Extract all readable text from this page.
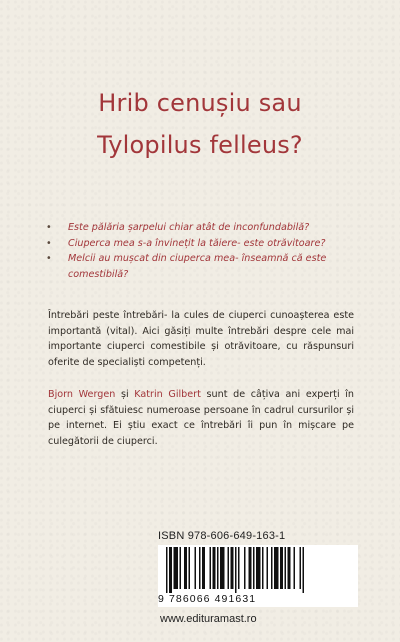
Hrib cenușiu sau
Tylopilus felleus?
• Este pălăria șarpelui chiar atât de inconfundabilă?
• Ciuperca mea s-a învinețit la tăiere- este otrăvitoare?
• Melcii au mușcat din ciuperca mea- înseamnă că este comestibilă?

Întrebări peste întrebări- la cules de ciuperci cunoașterea este importantă (vital). Aici găsiți multe întrebări despre cele mai importante ciuperci comestibile și otrăvitoare, cu răspunsuri oferite de specialiști competenți.

Bjorn Wergen și Katrin Gilbert sunt de câțiva ani experți în ciuperci și sfătuiesc numeroase persoane în cadrul cursurilor și pe internet. Ei știu exact ce întrebări îi pun în mișcare pe culegătorii de ciuperci.

ISBN 978-606-649-163-1
9 786066 491631
www.edituramast.ro
